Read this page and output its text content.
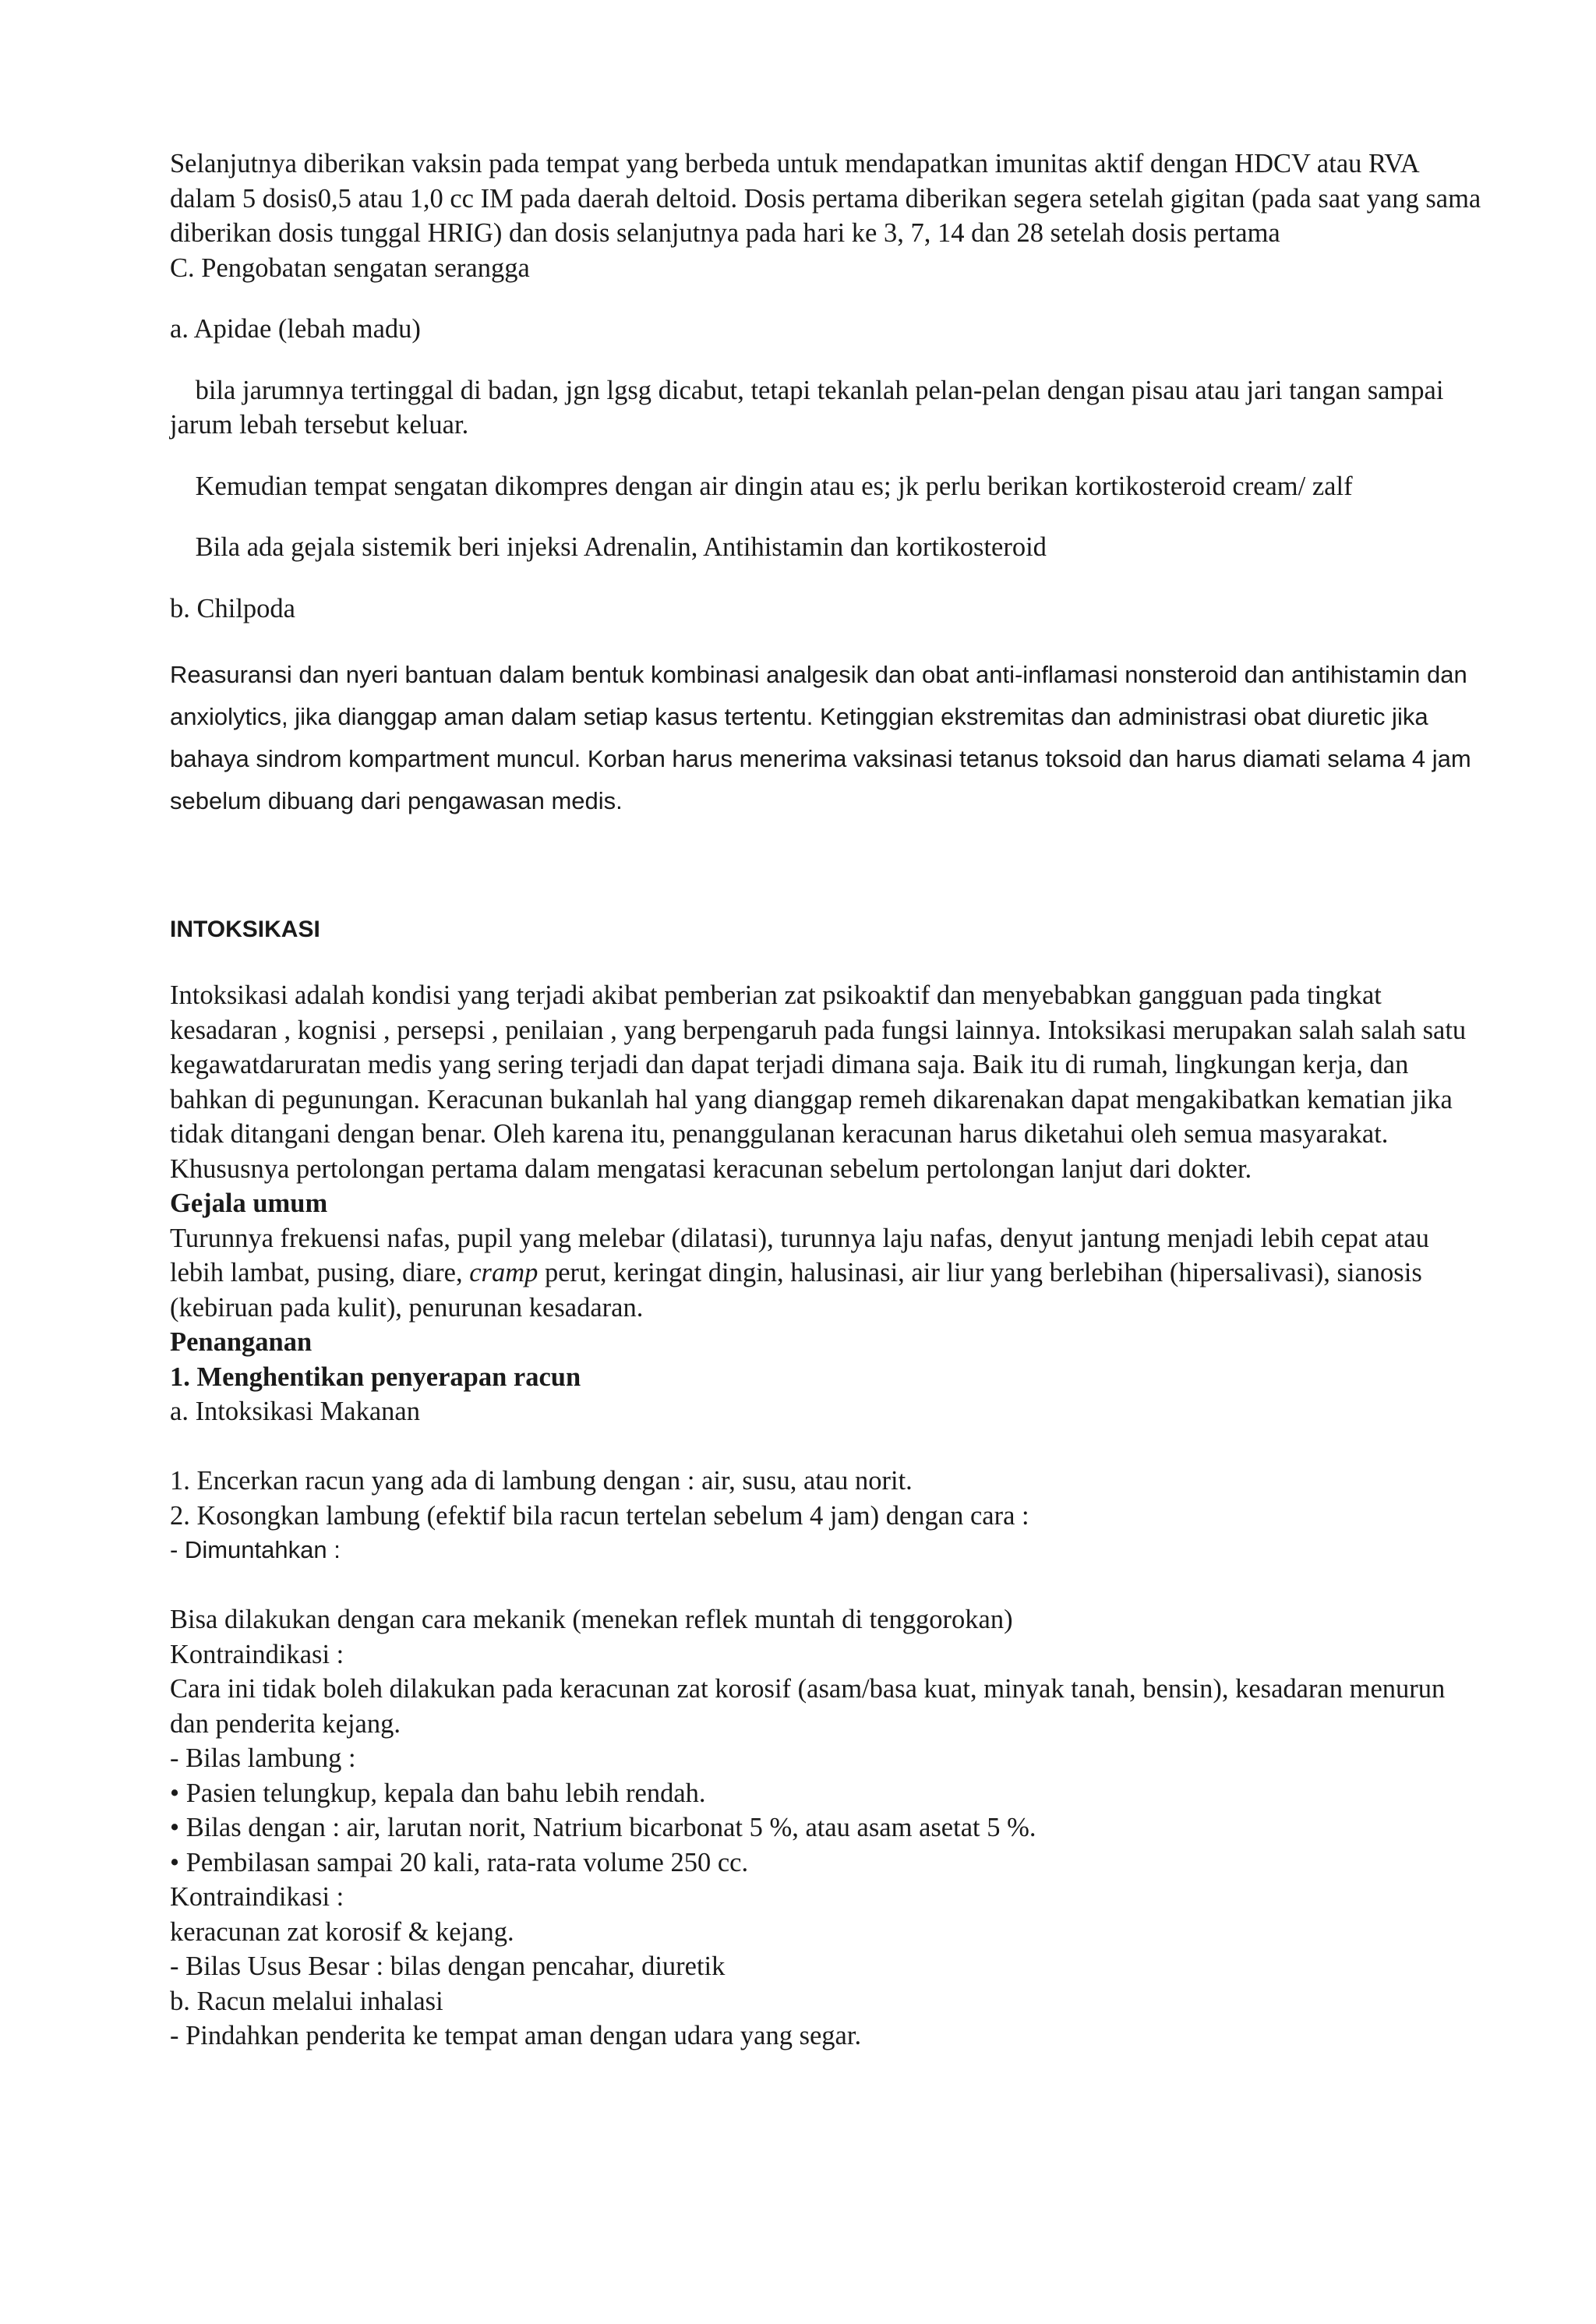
Selanjutnya diberikan vaksin pada tempat yang berbeda untuk mendapatkan imunitas aktif dengan HDCV atau RVA dalam 5 dosis0,5 atau 1,0 cc IM pada daerah deltoid. Dosis pertama diberikan segera setelah gigitan (pada saat yang sama diberikan dosis tunggal HRIG) dan dosis selanjutnya pada hari ke 3, 7, 14 dan 28 setelah dosis pertama

C. Pengobatan sengatan serangga

a. Apidae (lebah madu)

bila jarumnya tertinggal di badan, jgn lgsg dicabut, tetapi tekanlah pelan-pelan dengan pisau atau jari tangan sampai jarum lebah tersebut keluar.

Kemudian tempat sengatan dikompres dengan air dingin atau es; jk perlu berikan kortikosteroid cream/ zalf

Bila ada gejala sistemik beri injeksi Adrenalin, Antihistamin dan kortikosteroid

b. Chilpoda

Reasuransi dan nyeri bantuan dalam bentuk kombinasi analgesik dan obat anti-inflamasi nonsteroid dan antihistamin dan anxiolytics, jika dianggap aman dalam setiap kasus tertentu. Ketinggian ekstremitas dan administrasi obat diuretic jika bahaya sindrom kompartment muncul. Korban harus menerima vaksinasi tetanus toksoid dan harus diamati selama 4 jam sebelum dibuang dari pengawasan medis.

INTOKSIKASI

Intoksikasi adalah kondisi yang terjadi akibat pemberian zat psikoaktif dan menyebabkan gangguan pada tingkat kesadaran , kognisi , persepsi , penilaian , yang berpengaruh pada fungsi lainnya. Intoksikasi merupakan salah salah satu kegawatdaruratan medis yang sering terjadi dan dapat terjadi dimana saja. Baik itu di rumah, lingkungan kerja, dan bahkan di pegunungan. Keracunan bukanlah hal yang dianggap remeh dikarenakan dapat mengakibatkan kematian jika tidak ditangani dengan benar. Oleh karena itu, penanggulanan keracunan harus diketahui oleh semua masyarakat. Khususnya pertolongan pertama dalam mengatasi keracunan sebelum pertolongan lanjut dari dokter.

Gejala umum

Turunnya frekuensi nafas, pupil yang melebar (dilatasi), turunnya laju nafas, denyut jantung menjadi lebih cepat atau lebih lambat, pusing, diare, cramp perut, keringat dingin, halusinasi, air liur yang berlebihan (hipersalivasi), sianosis (kebiruan pada kulit), penurunan kesadaran.

Penanganan

1. Menghentikan penyerapan racun

a. Intoksikasi Makanan

1. Encerkan racun yang ada di lambung dengan : air, susu, atau norit.

2. Kosongkan lambung (efektif bila racun tertelan sebelum 4 jam) dengan cara :

- Dimuntahkan :

Bisa dilakukan dengan cara mekanik (menekan reflek muntah di tenggorokan)

Kontraindikasi :

Cara ini tidak boleh dilakukan pada keracunan zat korosif (asam/basa kuat, minyak tanah, bensin), kesadaran menurun dan penderita kejang.

- Bilas lambung :

• Pasien telungkup, kepala dan bahu lebih rendah.

• Bilas dengan : air, larutan norit, Natrium bicarbonat 5 %, atau asam asetat 5 %.

• Pembilasan sampai 20 kali, rata-rata volume 250 cc.

Kontraindikasi :

keracunan zat korosif & kejang.

- Bilas Usus Besar : bilas dengan pencahar, diuretik

b. Racun melalui inhalasi

- Pindahkan penderita ke tempat aman dengan udara yang segar.
